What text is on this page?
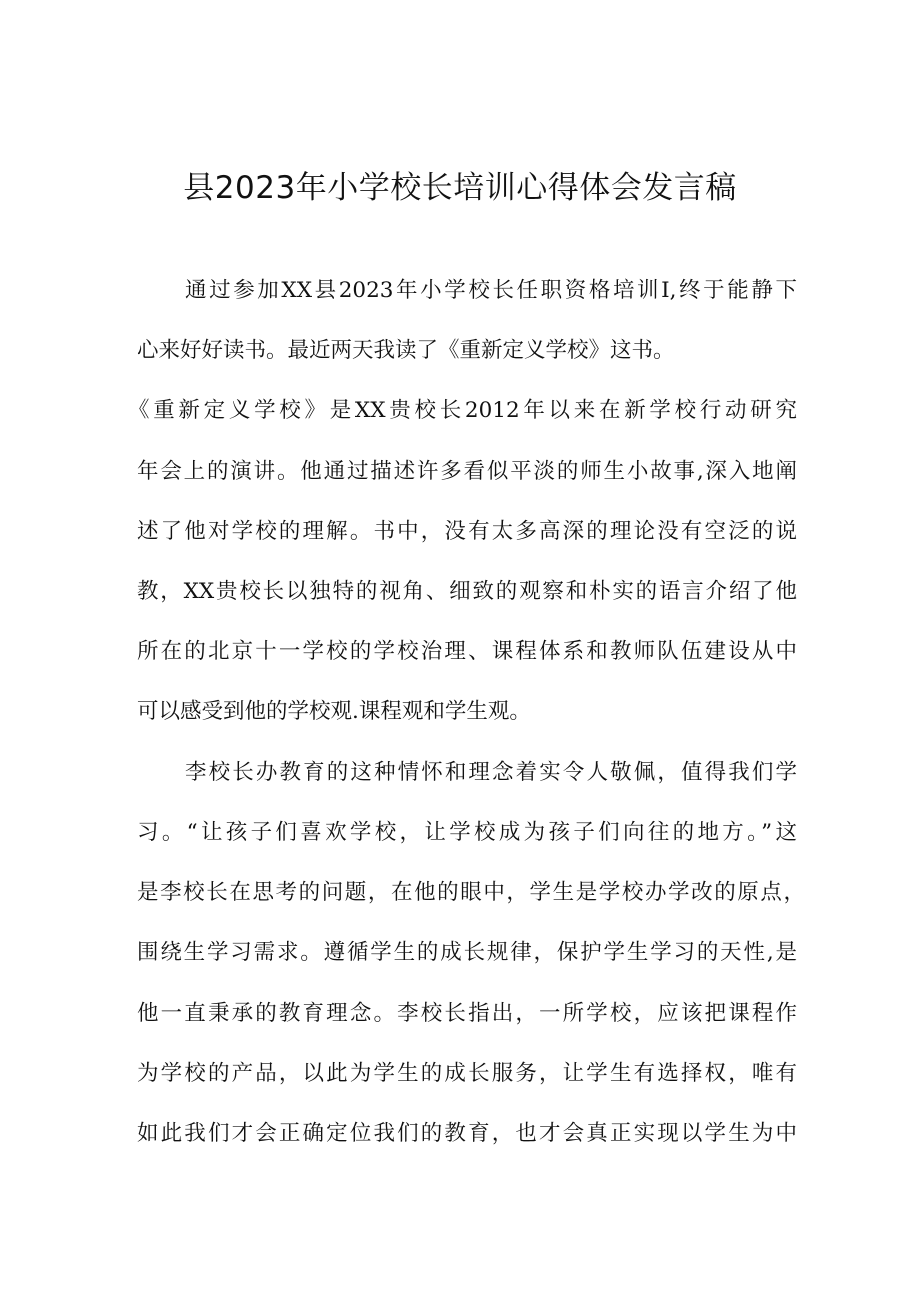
县2023年小学校长培训心得体会发言稿
通过参加XX县2023年小学校长任职资格培训I,终于能静下
心来好好读书。最近两天我读了《重新定义学校》这书。
《重新定义学校》是XX贵校长2012年以来在新学校行动研究
年会上的演讲。他通过描述许多看似平淡的师生小故事,深入地阐
述了他对学校的理解。书中，没有太多高深的理论没有空泛的说
教，XX贵校长以独特的视角、细致的观察和朴实的语言介绍了他
所在的北京十一学校的学校治理、课程体系和教师队伍建设从中
可以感受到他的学校观.课程观和学生观。
李校长办教育的这种情怀和理念着实令人敬佩，值得我们学
习。“让孩子们喜欢学校，让学校成为孩子们向往的地方。”这
是李校长在思考的问题，在他的眼中，学生是学校办学改的原点，
围绕生学习需求。遵循学生的成长规律，保护学生学习的天性,是
他一直秉承的教育理念。李校长指出，一所学校，应该把课程作
为学校的产品，以此为学生的成长服务，让学生有选择权，唯有
如此我们才会正确定位我们的教育，也才会真正实现以学生为中
